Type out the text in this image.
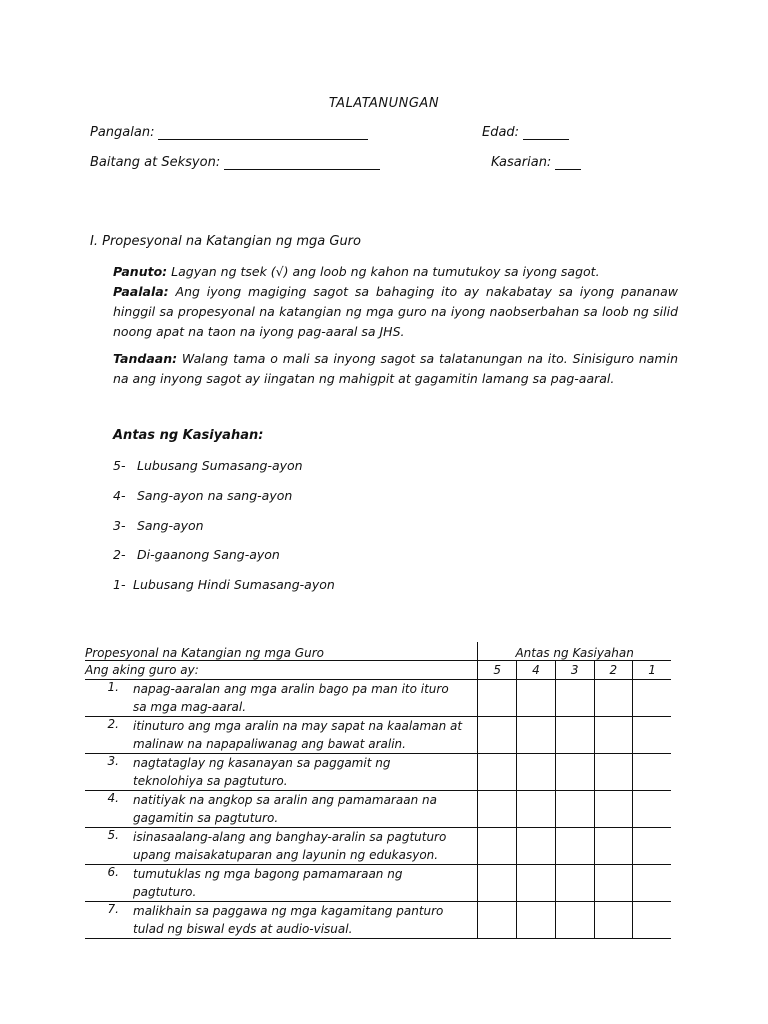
TALATANUNGAN
Pangalan:	Edad:
Baitang at Seksyon:	Kasarian:
I. Propesyonal na Katangian ng mga Guro
Panuto: Lagyan ng tsek (√) ang loob ng kahon na tumutukoy sa iyong sagot.
Paalala: Ang iyong magiging sagot sa bahaging ito ay nakabatay sa iyong pananaw hinggil sa propesyonal na katangian ng mga guro na iyong naobserbahan sa loob ng silid noong apat na taon na iyong pag-aaral sa JHS.
Tandaan: Walang tama o mali sa inyong sagot sa talatanungan na ito. Sinisiguro namin na ang inyong sagot ay iingatan ng mahigpit at gagamitin lamang sa pag-aaral.
Antas ng Kasiyahan:
5- Lubusang Sumasang-ayon
4- Sang-ayon na sang-ayon
3- Sang-ayon
2- Di-gaanong Sang-ayon
1- Lubusang Hindi Sumasang-ayon
Propesyonal na Katangian ng mga Guro	Antas ng Kasiyahan				
Ang aking guro ay:	5	4	3	2	1
1. napag-aaralan ang mga aralin bago pa man ito ituro sa mga mag-aaral.					
2. itinuturo ang mga aralin na may sapat na kaalaman at malinaw na napapaliwanag ang bawat aralin.					
3. nagtataglay ng kasanayan sa paggamit ng teknolohiya sa pagtuturo.					
4. natitiyak na angkop sa aralin ang pamamaraan na gagamitin sa pagtuturo.					
5. isinasaalang-alang ang banghay-aralin sa pagtuturo upang maisakatuparan ang layunin ng edukasyon.					
6. tumutuklas ng mga bagong pamamaraan ng pagtuturo.					
7. malikhain sa paggawa ng mga kagamitang panturo tulad ng biswal eyds at audio-visual.					
